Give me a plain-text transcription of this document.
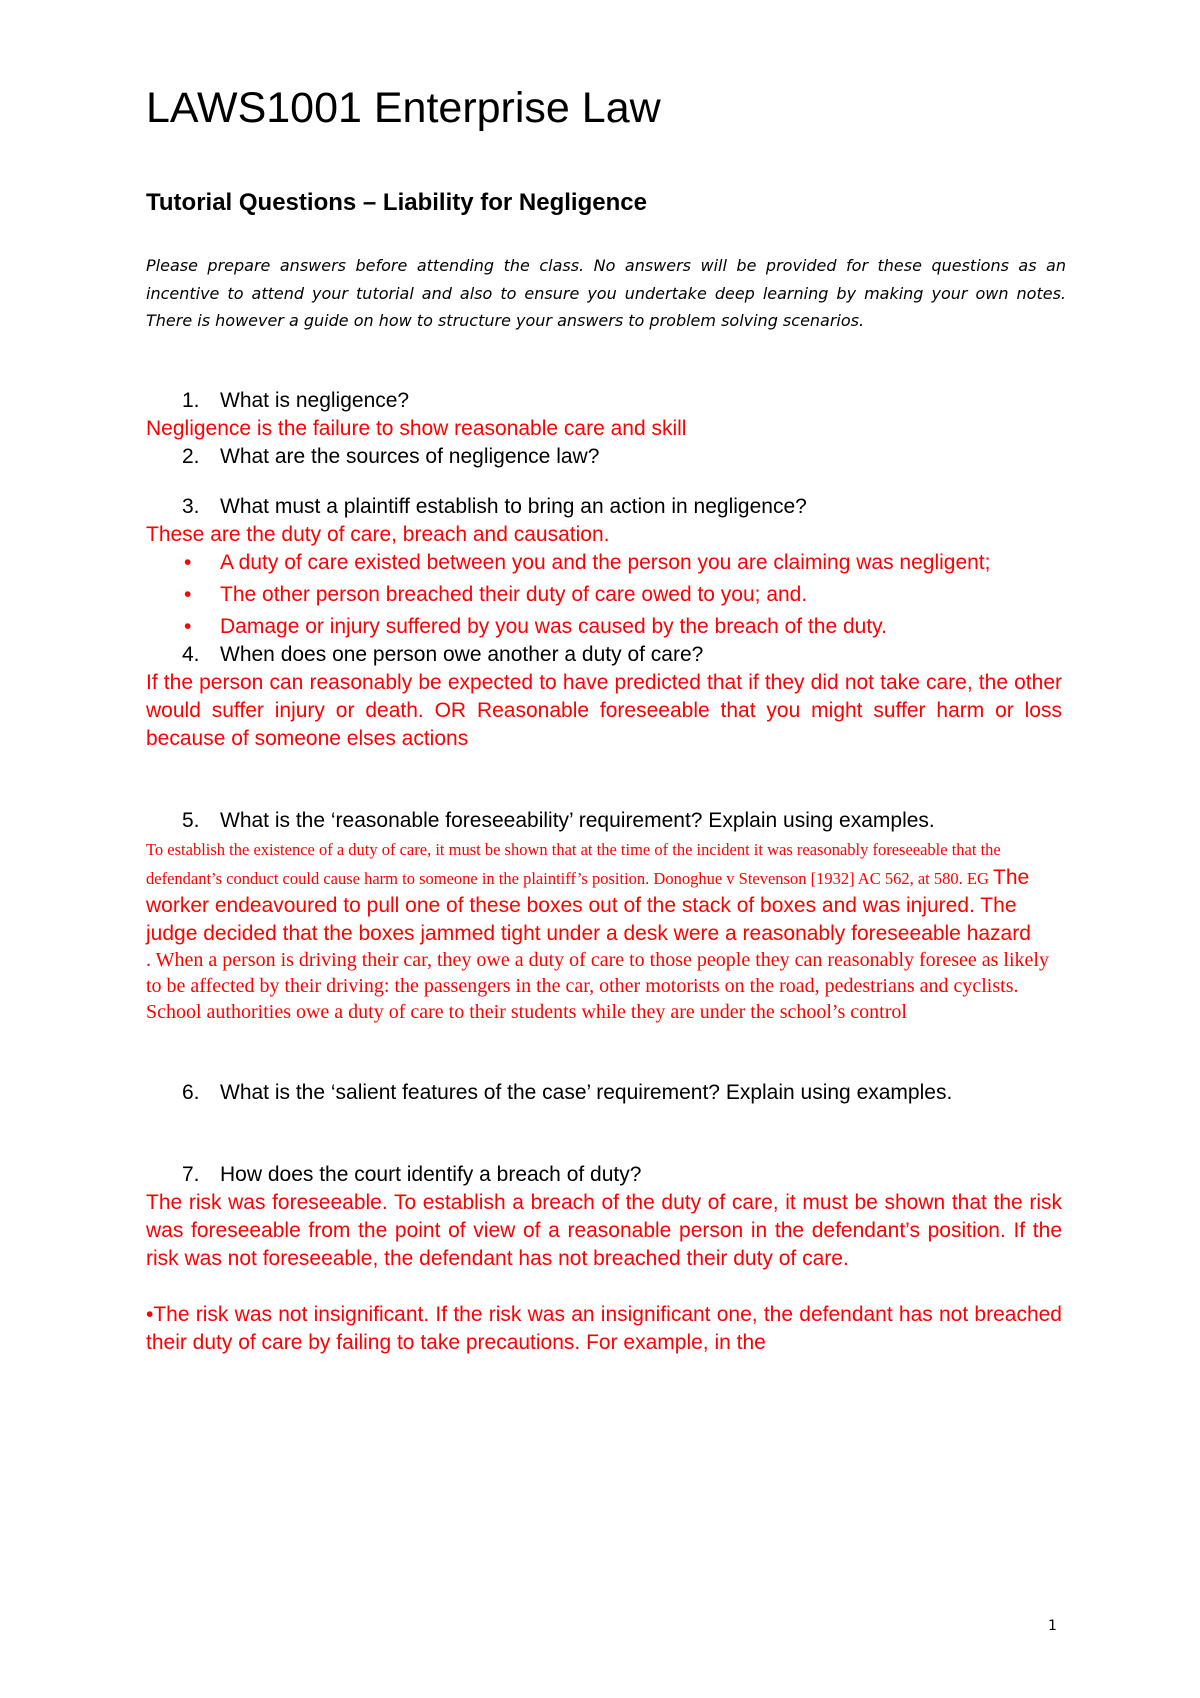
LAWS1001 Enterprise Law
Tutorial Questions – Liability for Negligence
Please prepare answers before attending the class. No answers will be provided for these questions as an incentive to attend your tutorial and also to ensure you undertake deep learning by making your own notes. There is however a guide on how to structure your answers to problem solving scenarios.
1. What is negligence?
Negligence is the failure to show reasonable care and skill
2. What are the sources of negligence law?
3. What must a plaintiff establish to bring an action in negligence?
These are the duty of care, breach and causation.
• A duty of care existed between you and the person you are claiming was negligent;
• The other person breached their duty of care owed to you; and.
• Damage or injury suffered by you was caused by the breach of the duty.
4. When does one person owe another a duty of care?
If the person can reasonably be expected to have predicted that if they did not take care, the other would suffer injury or death. OR Reasonable foreseeable that you might suffer harm or loss because of someone elses actions
5. What is the ‘reasonable foreseeability’ requirement? Explain using examples.
To establish the existence of a duty of care, it must be shown that at the time of the incident it was reasonably foreseeable that the defendant’s conduct could cause harm to someone in the plaintiff’s position. Donoghue v Stevenson [1932] AC 562, at 580. EG The worker endeavoured to pull one of these boxes out of the stack of boxes and was injured. The judge decided that the boxes jammed tight under a desk were a reasonably foreseeable hazard
. When a person is driving their car, they owe a duty of care to those people they can reasonably foresee as likely to be affected by their driving: the passengers in the car, other motorists on the road, pedestrians and cyclists. School authorities owe a duty of care to their students while they are under the school’s control
6. What is the ‘salient features of the case’ requirement? Explain using examples.
7. How does the court identify a breach of duty?
The risk was foreseeable. To establish a breach of the duty of care, it must be shown that the risk was foreseeable from the point of view of a reasonable person in the defendant’s position. If the risk was not foreseeable, the defendant has not breached their duty of care.
•The risk was not insignificant. If the risk was an insignificant one, the defendant has not breached their duty of care by failing to take precautions. For example, in the
1
